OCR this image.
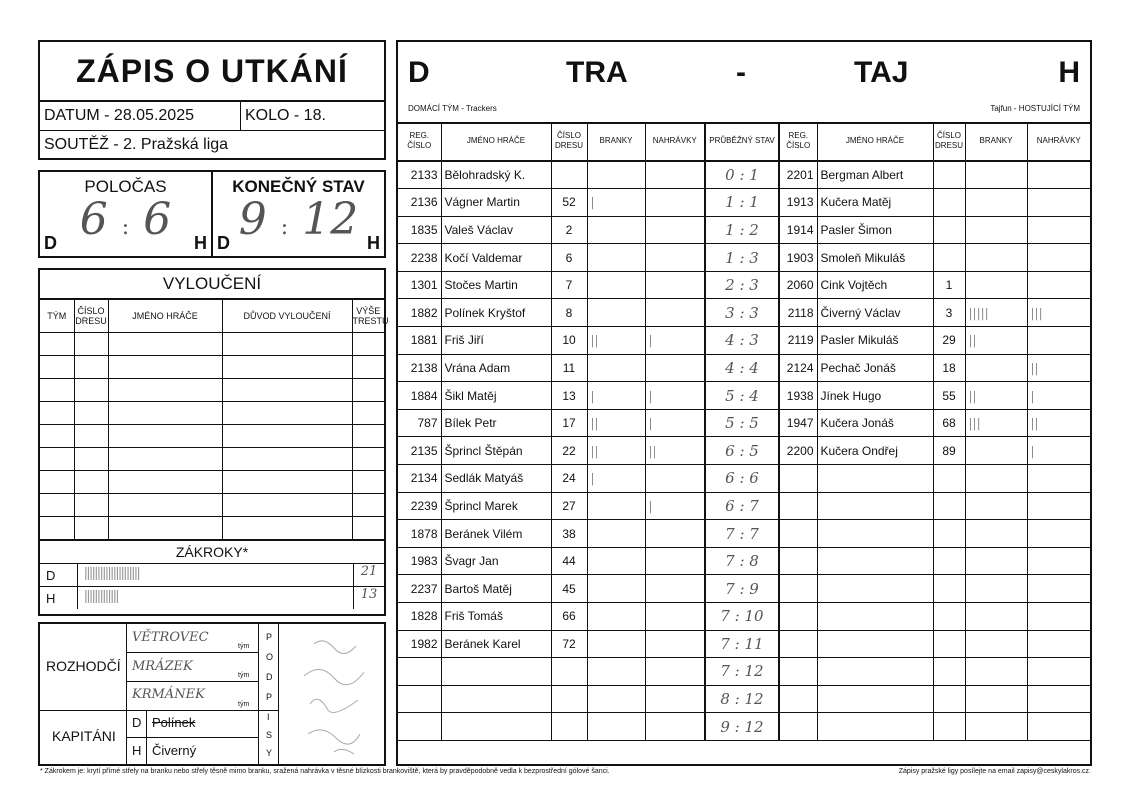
ZÁPIS O UTKÁNÍ
DATUM - 28.05.2025	KOLO - 18.
SOUTĚŽ - 2. Pražská liga
POLOČAS
6 : 6
D	H
KONEČNÝ STAV
9 : 12
D	H
VYLOUČENÍ
TÝM	ČÍSLO DRESU	JMÉNO HRÁČE	DŮVOD VYLOUČENÍ	VÝŠE TRESTU

ZÁKROKY*
D	|||||||||||||||||||||	21
H	|||||||||||||	13
ROZHODČÍ
KAPITÁNI
VĚTROVEC
MRÁZEK
KRMÁNEK
tým
tým
tým
D
H
Polínek
Čiverný
P
O
D
P
I
S
Y
D	TRA	-	TAJ	H
DOMÁCÍ TÝM - Trackers	Tajfun - HOSTUJÍCÍ TÝM
REG. ČÍSLO	JMÉNO HRÁČE	ČÍSLO DRESU	BRANKY	NAHRÁVKY	PRŮBĚŽNÝ STAV	REG. ČÍSLO	JMÉNO HRÁČE	ČÍSLO DRESU	BRANKY	NAHRÁVKY
2133	Bělohradský K.				0 : 1	2201	Bergman Albert			
2136	Vágner Martin	52	|		1 : 1	1913	Kučera Matěj			
1835	Valeš Václav	2			1 : 2	1914	Pasler Šimon			
2238	Kočí Valdemar	6			1 : 3	1903	Smoleň Mikuláš			
1301	Stočes Martin	7			2 : 3	2060	Cink Vojtěch	1		
1882	Polínek Kryštof	8			3 : 3	2118	Čiverný Václav	3	|||||	|||
1881	Friš Jiří	10	||	|	4 : 3	2119	Pasler Mikuláš	29	||	
2138	Vrána Adam	11			4 : 4	2124	Pechač Jonáš	18		||
1884	Šikl Matěj	13	|	|	5 : 4	1938	Jínek Hugo	55	||	|
787	Bílek Petr	17	||	|	5 : 5	1947	Kučera Jonáš	68	|||	||
2135	Šprincl Štěpán	22	||	||	6 : 5	2200	Kučera Ondřej	89		|
2134	Sedlák Matyáš	24	|		6 : 6					
2239	Šprincl Marek	27		|	6 : 7					
1878	Beránek Vilém	38			7 : 7					
1983	Švagr Jan	44			7 : 8					
2237	Bartoš Matěj	45			7 : 9					
1828	Friš Tomáš	66			7 : 10					
1982	Beránek Karel	72			7 : 11					
					7 : 12					
					8 : 12					
					9 : 12					
* Zákrokem je: krytí přímé střely na branku nebo střely těsně mimo branku, sražená nahrávka v těsné blízkosti brankoviště, která by pravděpodobně vedla k bezprostřední gólové šanci.	Zápisy pražské ligy posílejte na email zapisy@ceskylakros.cz.
